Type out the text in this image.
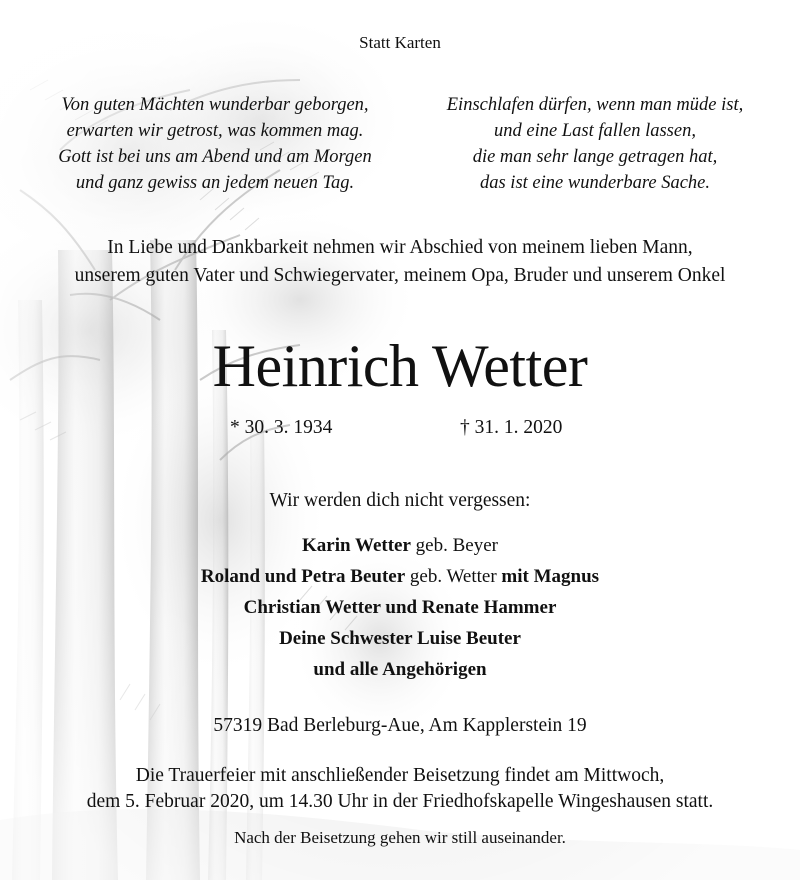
Statt Karten
Von guten Mächten wunderbar geborgen,
erwarten wir getrost, was kommen mag.
Gott ist bei uns am Abend und am Morgen
und ganz gewiss an jedem neuen Tag.
Einschlafen dürfen, wenn man müde ist,
und eine Last fallen lassen,
die man sehr lange getragen hat,
das ist eine wunderbare Sache.
In Liebe und Dankbarkeit nehmen wir Abschied von meinem lieben Mann,
unserem guten Vater und Schwiegervater, meinem Opa, Bruder und unserem Onkel
Heinrich Wetter
* 30. 3. 1934	† 31. 1. 2020
Wir werden dich nicht vergessen:
Karin Wetter geb. Beyer
Roland und Petra Beuter geb. Wetter mit Magnus
Christian Wetter und Renate Hammer
Deine Schwester Luise Beuter
und alle Angehörigen
57319 Bad Berleburg-Aue, Am Kapplerstein 19
Die Trauerfeier mit anschließender Beisetzung findet am Mittwoch,
dem 5. Februar 2020, um 14.30 Uhr in der Friedhofskapelle Wingeshausen statt.
Nach der Beisetzung gehen wir still auseinander.
